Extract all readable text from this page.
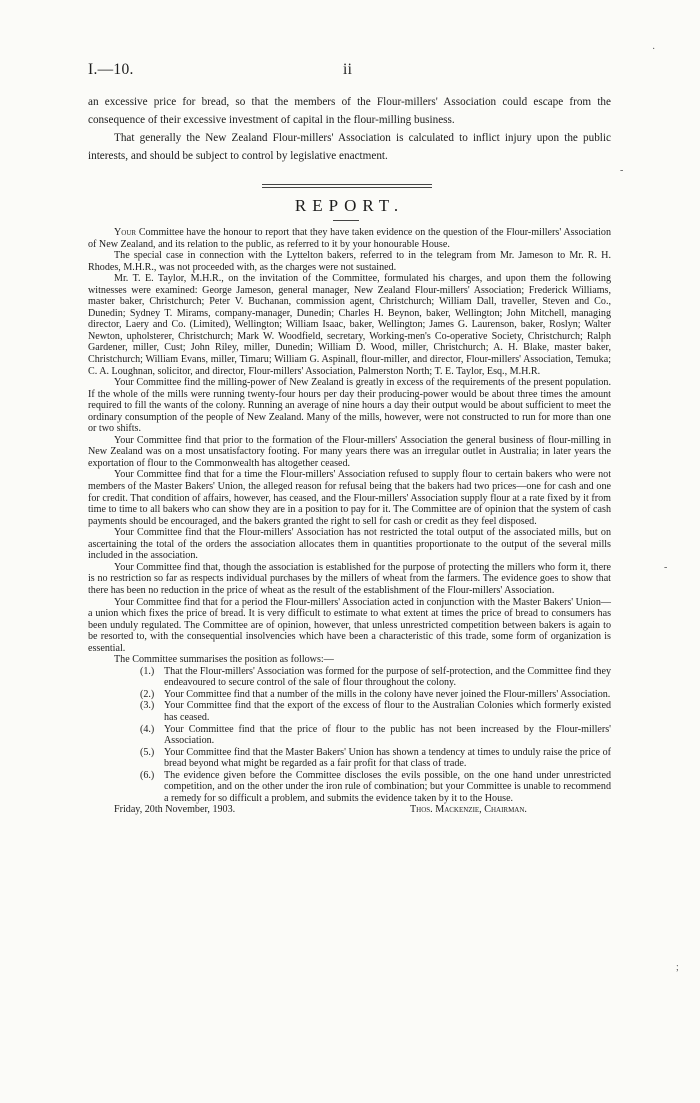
I.—10.	ii

an excessive price for bread, so that the members of the Flour-millers' Association could escape from the consequence of their excessive investment of capital in the flour-milling business.

That generally the New Zealand Flour-millers' Association is calculated to inflict injury upon the public interests, and should be subject to control by legislative enactment.

REPORT.

Your Committee have the honour to report that they have taken evidence on the question of the Flour-millers' Association of New Zealand, and its relation to the public, as referred to it by your honourable House.

The special case in connection with the Lyttelton bakers, referred to in the telegram from Mr. Jameson to Mr. R. H. Rhodes, M.H.R., was not proceeded with, as the charges were not sustained.

Mr. T. E. Taylor, M.H.R., on the invitation of the Committee, formulated his charges, and upon them the following witnesses were examined: George Jameson, general manager, New Zealand Flour-millers' Association; Frederick Williams, master baker, Christchurch; Peter V. Buchanan, commission agent, Christchurch; William Dall, traveller, Steven and Co., Dunedin; Sydney T. Mirams, company-manager, Dunedin; Charles H. Beynon, baker, Wellington; John Mitchell, managing director, Laery and Co. (Limited), Wellington; William Isaac, baker, Wellington; James G. Laurenson, baker, Roslyn; Walter Newton, upholsterer, Christchurch; Mark W. Woodfield, secretary, Working-men's Co-operative Society, Christchurch; Ralph Gardener, miller, Cust; John Riley, miller, Dunedin; William D. Wood, miller, Christchurch; A. H. Blake, master baker, Christchurch; William Evans, miller, Timaru; William G. Aspinall, flour-miller, and director, Flour-millers' Association, Temuka; C. A. Loughnan, solicitor, and director, Flour-millers' Association, Palmerston North; T. E. Taylor, Esq., M.H.R.

Your Committee find the milling-power of New Zealand is greatly in excess of the requirements of the present population. If the whole of the mills were running twenty-four hours per day their producing-power would be about three times the amount required to fill the wants of the colony. Running an average of nine hours a day their output would be about sufficient to meet the ordinary consumption of the people of New Zealand. Many of the mills, however, were not constructed to run for more than one or two shifts.

Your Committee find that prior to the formation of the Flour-millers' Association the general business of flour-milling in New Zealand was on a most unsatisfactory footing. For many years there was an irregular outlet in Australia; in later years the exportation of flour to the Commonwealth has altogether ceased.

Your Committee find that for a time the Flour-millers' Association refused to supply flour to certain bakers who were not members of the Master Bakers' Union, the alleged reason for refusal being that the bakers had two prices—one for cash and one for credit. That condition of affairs, however, has ceased, and the Flour-millers' Association supply flour at a rate fixed by it from time to time to all bakers who can show they are in a position to pay for it. The Committee are of opinion that the system of cash payments should be encouraged, and the bakers granted the right to sell for cash or credit as they feel disposed.

Your Committee find that the Flour-millers' Association has not restricted the total output of the associated mills, but on ascertaining the total of the orders the association allocates them in quantities proportionate to the output of the several mills included in the association.

Your Committee find that, though the association is established for the purpose of protecting the millers who form it, there is no restriction so far as respects individual purchases by the millers of wheat from the farmers. The evidence goes to show that there has been no reduction in the price of wheat as the result of the establishment of the Flour-millers' Association.

Your Committee find that for a period the Flour-millers' Association acted in conjunction with the Master Bakers' Union—a union which fixes the price of bread. It is very difficult to estimate to what extent at times the price of bread to consumers has been unduly regulated. The Committee are of opinion, however, that unless unrestricted competition between bakers is again to be resorted to, with the consequential insolvencies which have been a characteristic of this trade, some form of organization is essential.

The Committee summarises the position as follows:—

(1.) That the Flour-millers' Association was formed for the purpose of self-protection, and the Committee find they endeavoured to secure control of the sale of flour throughout the colony.
(2.) Your Committee find that a number of the mills in the colony have never joined the Flour-millers' Association.
(3.) Your Committee find that the export of the excess of flour to the Australian Colonies which formerly existed has ceased.
(4.) Your Committee find that the price of flour to the public has not been increased by the Flour-millers' Association.
(5.) Your Committee find that the Master Bakers' Union has shown a tendency at times to unduly raise the price of bread beyond what might be regarded as a fair profit for that class of trade.
(6.) The evidence given before the Committee discloses the evils possible, on the one hand under unrestricted competition, and on the other under the iron rule of combination; but your Committee is unable to recommend a remedy for so difficult a problem, and submits the evidence taken by it to the House.
Friday, 20th November, 1903.	Thos. Mackenzie, Chairman.
·
-
-
;
